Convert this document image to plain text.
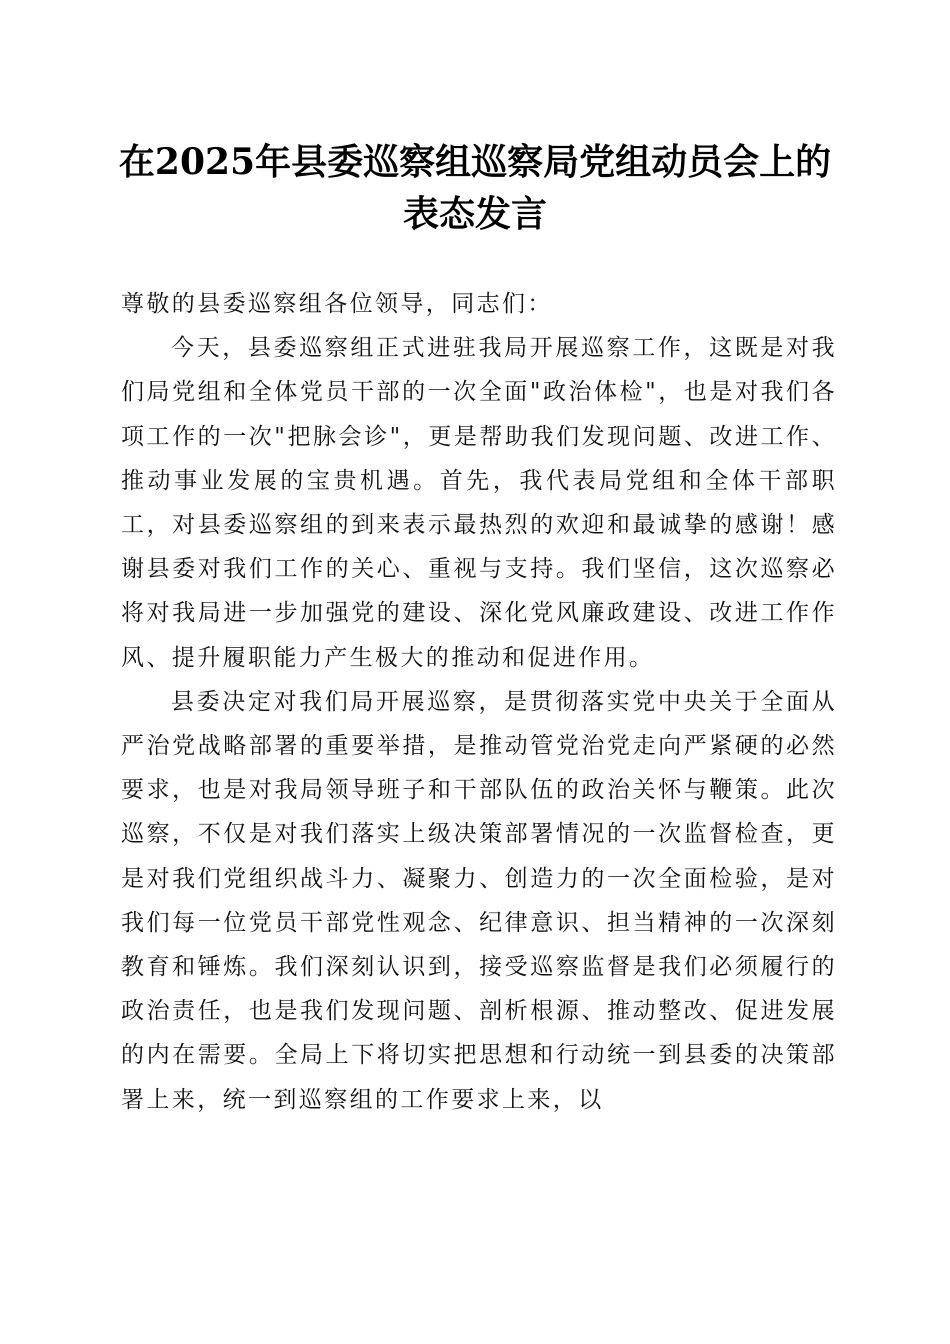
在2025年县委巡察组巡察局党组动员会上的
表态发言

尊敬的县委巡察组各位领导，同志们：

今天，县委巡察组正式进驻我局开展巡察工作，这既是对我们局党组和全体党员干部的一次全面"政治体检"，也是对我们各项工作的一次"把脉会诊"，更是帮助我们发现问题、改进工作、推动事业发展的宝贵机遇。首先，我代表局党组和全体干部职工，对县委巡察组的到来表示最热烈的欢迎和最诚挚的感谢！感谢县委对我们工作的关心、重视与支持。我们坚信，这次巡察必将对我局进一步加强党的建设、深化党风廉政建设、改进工作作风、提升履职能力产生极大的推动和促进作用。

县委决定对我们局开展巡察，是贯彻落实党中央关于全面从严治党战略部署的重要举措，是推动管党治党走向严紧硬的必然要求，也是对我局领导班子和干部队伍的政治关怀与鞭策。此次巡察，不仅是对我们落实上级决策部署情况的一次监督检查，更是对我们党组织战斗力、凝聚力、创造力的一次全面检验，是对我们每一位党员干部党性观念、纪律意识、担当精神的一次深刻教育和锤炼。我们深刻认识到，接受巡察监督是我们必须履行的政治责任，也是我们发现问题、剖析根源、推动整改、促进发展的内在需要。全局上下将切实把思想和行动统一到县委的决策部署上来，统一到巡察组的工作要求上来，以
